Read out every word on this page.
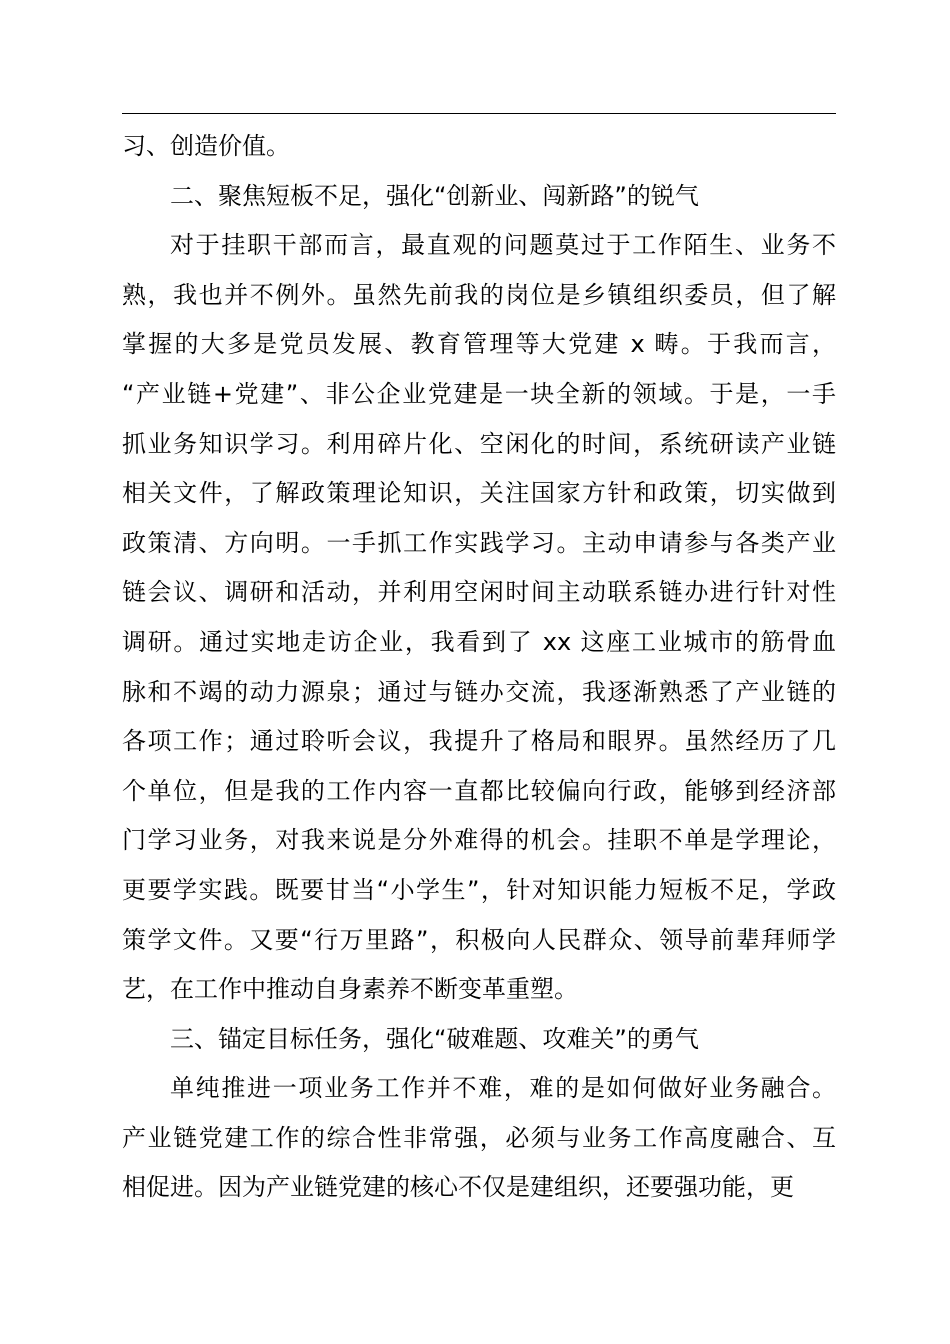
习、创造价值。
二、聚焦短板不足，强化“创新业、闯新路”的锐气
对于挂职干部而言，最直观的问题莫过于工作陌生、业务不
熟，我也并不例外。虽然先前我的岗位是乡镇组织委员，但了解
掌握的大多是党员发展、教育管理等大党建 x 畴。于我而言，
“产业链+党建”、非公企业党建是一块全新的领域。于是，一手
抓业务知识学习。利用碎片化、空闲化的时间，系统研读产业链
相关文件，了解政策理论知识，关注国家方针和政策，切实做到
政策清、方向明。一手抓工作实践学习。主动申请参与各类产业
链会议、调研和活动，并利用空闲时间主动联系链办进行针对性
调研。通过实地走访企业，我看到了 xx 这座工业城市的筋骨血
脉和不竭的动力源泉；通过与链办交流，我逐渐熟悉了产业链的
各项工作；通过聆听会议，我提升了格局和眼界。虽然经历了几
个单位，但是我的工作内容一直都比较偏向行政，能够到经济部
门学习业务，对我来说是分外难得的机会。挂职不单是学理论，
更要学实践。既要甘当“小学生”，针对知识能力短板不足，学政
策学文件。又要“行万里路”，积极向人民群众、领导前辈拜师学
艺，在工作中推动自身素养不断变革重塑。
三、锚定目标任务，强化“破难题、攻难关”的勇气
单纯推进一项业务工作并不难，难的是如何做好业务融合。
产业链党建工作的综合性非常强，必须与业务工作高度融合、互
相促进。因为产业链党建的核心不仅是建组织，还要强功能，更
